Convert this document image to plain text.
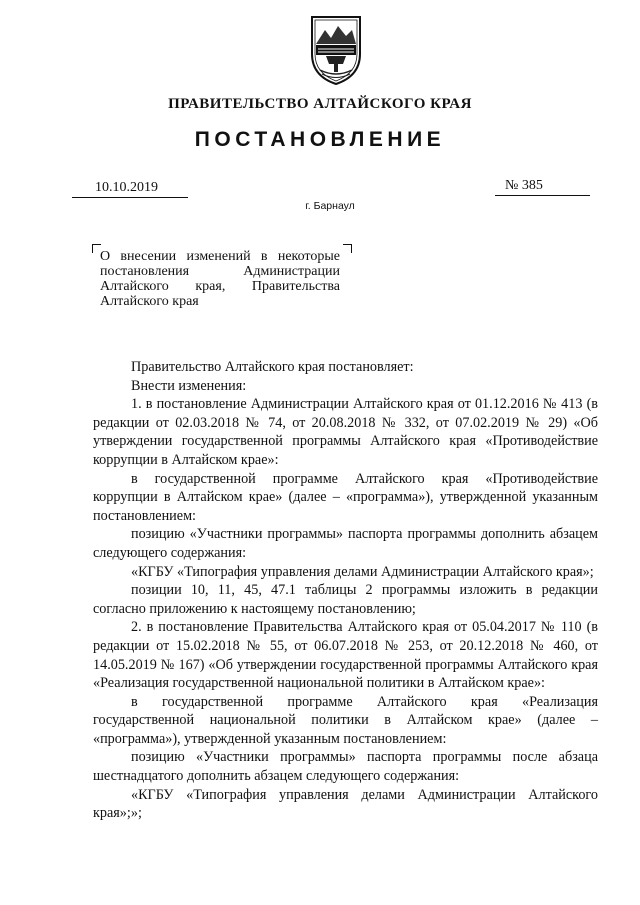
ПРАВИТЕЛЬСТВО АЛТАЙСКОГО КРАЯ
ПОСТАНОВЛЕНИЕ
10.10.2019	№ 385
г. Барнаул
О внесении изменений в некоторые постановления Администрации Алтайского края, Правительства Алтайского края

Правительство Алтайского края постановляет:

Внести изменения:

1. в постановление Администрации Алтайского края от 01.12.2016 № 413 (в редакции от 02.03.2018 № 74, от 20.08.2018 № 332, от 07.02.2019 № 29) «Об утверждении государственной программы Алтайского края «Противодействие коррупции в Алтайском крае»:

в государственной программе Алтайского края «Противодействие коррупции в Алтайском крае» (далее – «программа»), утвержденной указанным постановлением:

позицию «Участники программы» паспорта программы дополнить абзацем следующего содержания:

«КГБУ «Типография управления делами Администрации Алтайского края»;

позиции 10, 11, 45, 47.1 таблицы 2 программы изложить в редакции согласно приложению к настоящему постановлению;

2. в постановление Правительства Алтайского края от 05.04.2017 № 110 (в редакции от 15.02.2018 № 55, от 06.07.2018 № 253, от 20.12.2018 № 460, от 14.05.2019 № 167) «Об утверждении государственной программы Алтайского края «Реализация государственной национальной политики в Алтайском крае»:

в государственной программе Алтайского края «Реализация государственной национальной политики в Алтайском крае» (далее – «программа»), утвержденной указанным постановлением:

позицию «Участники программы» паспорта программы после абзаца шестнадцатого дополнить абзацем следующего содержания:

«КГБУ «Типография управления делами Администрации Алтайского края»;»;
